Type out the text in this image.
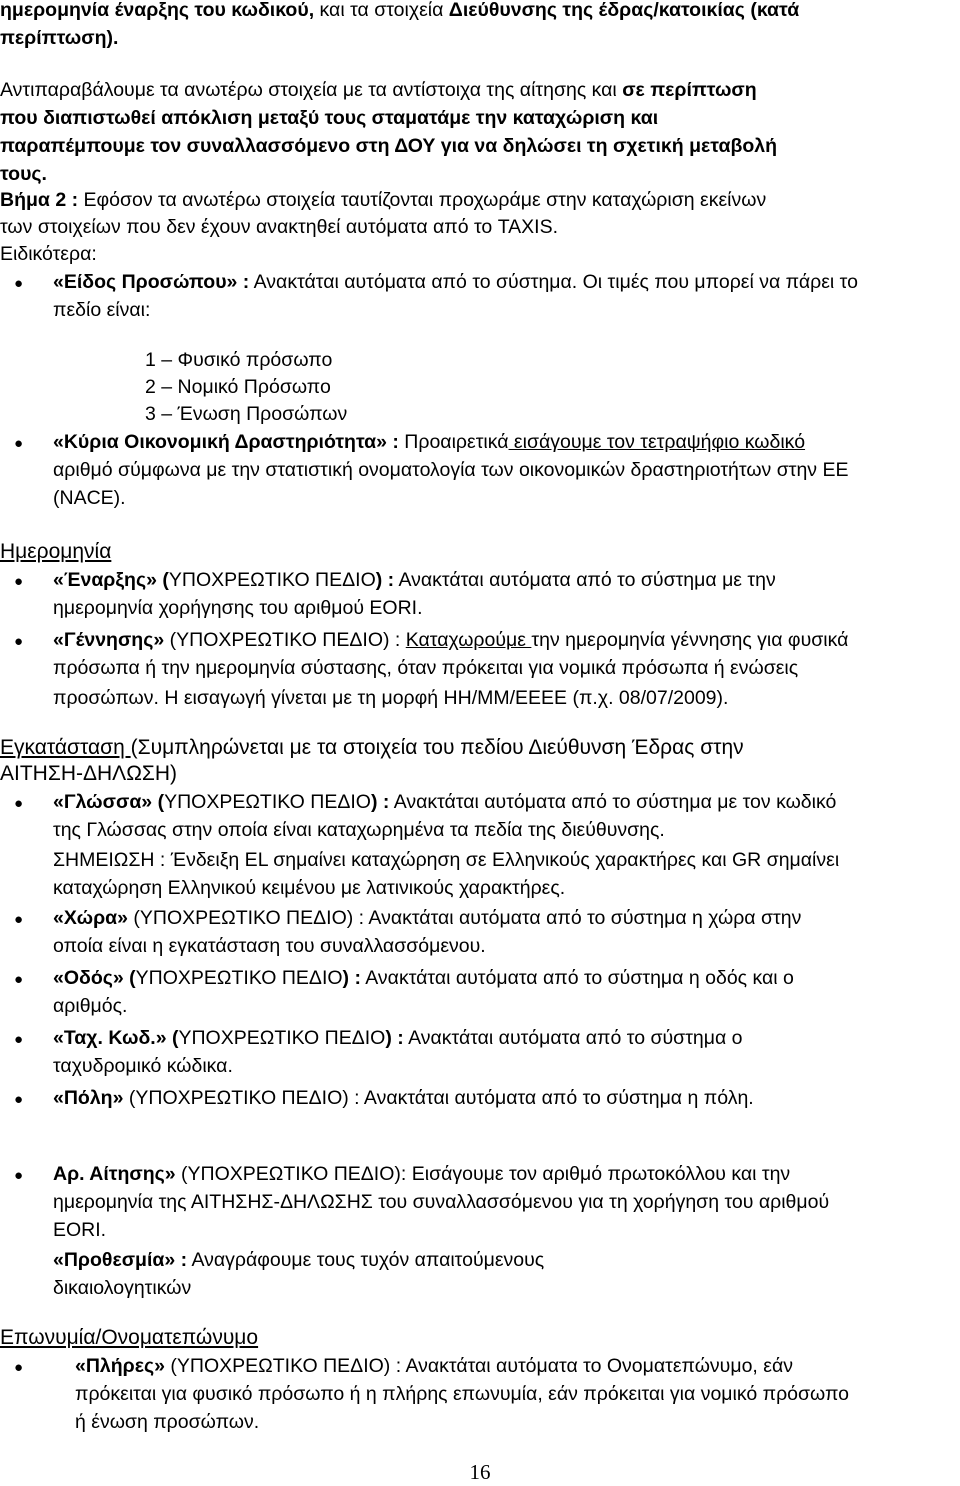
ημερομηνία έναρξης του κωδικού, και τα στοιχεία Διεύθυνσης της έδρας/κατοικίας (κατά
περίπτωση).
Αντιπαραβάλουμε τα ανωτέρω στοιχεία με τα αντίστοιχα της αίτησης και σε περίπτωση
που διαπιστωθεί απόκλιση μεταξύ τους σταματάμε την καταχώριση και
παραπέμπουμε τον συναλλασσόμενο στη ΔΟΥ για να δηλώσει τη σχετική μεταβολή
τους.
Βήμα 2 : Εφόσον τα ανωτέρω στοιχεία ταυτίζονται προχωράμε στην καταχώριση εκείνων
των στοιχείων που δεν έχουν ανακτηθεί αυτόματα από το TAXIS.
Ειδικότερα:
● «Είδος Προσώπου» : Ανακτάται αυτόματα από το σύστημα. Οι τιμές που μπορεί να πάρει το
πεδίο είναι:
1 – Φυσικό πρόσωπο
2 – Νομικό Πρόσωπο
3 – Ένωση Προσώπων
● «Κύρια Οικονομική Δραστηριότητα» : Προαιρετικά εισάγουμε τον τετραψήφιο κωδικό
αριθμό σύμφωνα με την στατιστική ονοματολογία των οικονομικών δραστηριοτήτων στην ΕΕ
(NACE).
Ημερομηνία
● «Έναρξης» (ΥΠΟΧΡΕΩΤΙΚΟ ΠΕΔΙΟ) : Ανακτάται αυτόματα από το σύστημα με την
ημερομηνία χορήγησης του αριθμού EORI.
● «Γέννησης» (ΥΠΟΧΡΕΩΤΙΚΟ ΠΕΔΙΟ) : Καταχωρούμε την ημερομηνία γέννησης για φυσικά
πρόσωπα ή την ημερομηνία σύστασης, όταν πρόκειται για νομικά πρόσωπα ή ενώσεις
προσώπων. Η εισαγωγή γίνεται με τη μορφή ΗΗ/ΜΜ/ΕΕΕΕ (π.χ. 08/07/2009).
Εγκατάσταση (Συμπληρώνεται με τα στοιχεία του πεδίου Διεύθυνση Έδρας στην
ΑΙΤΗΣΗ-ΔΗΛΩΣΗ)
● «Γλώσσα» (ΥΠΟΧΡΕΩΤΙΚΟ ΠΕΔΙΟ) : Ανακτάται αυτόματα από το σύστημα με τον κωδικό
της Γλώσσας στην οποία είναι καταχωρημένα τα πεδία της διεύθυνσης.
ΣΗΜΕΙΩΣΗ : Ένδειξη EL σημαίνει καταχώρηση σε Ελληνικούς χαρακτήρες και GR σημαίνει
καταχώρηση Ελληνικού κειμένου με λατινικούς χαρακτήρες.
● «Χώρα» (ΥΠΟΧΡΕΩΤΙΚΟ ΠΕΔΙΟ) : Ανακτάται αυτόματα από το σύστημα η χώρα στην
οποία είναι η εγκατάσταση του συναλλασσόμενου.
● «Οδός» (ΥΠΟΧΡΕΩΤΙΚΟ ΠΕΔΙΟ) : Ανακτάται αυτόματα από το σύστημα η οδός και ο
αριθμός.
● «Ταχ. Κωδ.» (ΥΠΟΧΡΕΩΤΙΚΟ ΠΕΔΙΟ) : Ανακτάται αυτόματα από το σύστημα ο
ταχυδρομικό κώδικα.
● «Πόλη» (ΥΠΟΧΡΕΩΤΙΚΟ ΠΕΔΙΟ) : Ανακτάται αυτόματα από το σύστημα η πόλη.
● Αρ. Αίτησης» (ΥΠΟΧΡΕΩΤΙΚΟ ΠΕΔΙΟ): Εισάγουμε τον αριθμό πρωτοκόλλου και την
ημερομηνία της ΑΙΤΗΣΗΣ-ΔΗΛΩΣΗΣ του συναλλασσόμενου για τη χορήγηση του αριθμού
EORI.
«Προθεσμία» : Αναγράφουμε τους τυχόν απαιτούμενους
δικαιολογητικών
Επωνυμία/Ονοματεπώνυμο
●	«Πλήρες» (ΥΠΟΧΡΕΩΤΙΚΟ ΠΕΔΙΟ) : Ανακτάται αυτόματα το Ονοματεπώνυμο, εάν
πρόκειται για φυσικό πρόσωπο ή η πλήρης επωνυμία, εάν πρόκειται για νομικό πρόσωπο
ή ένωση προσώπων.
16
